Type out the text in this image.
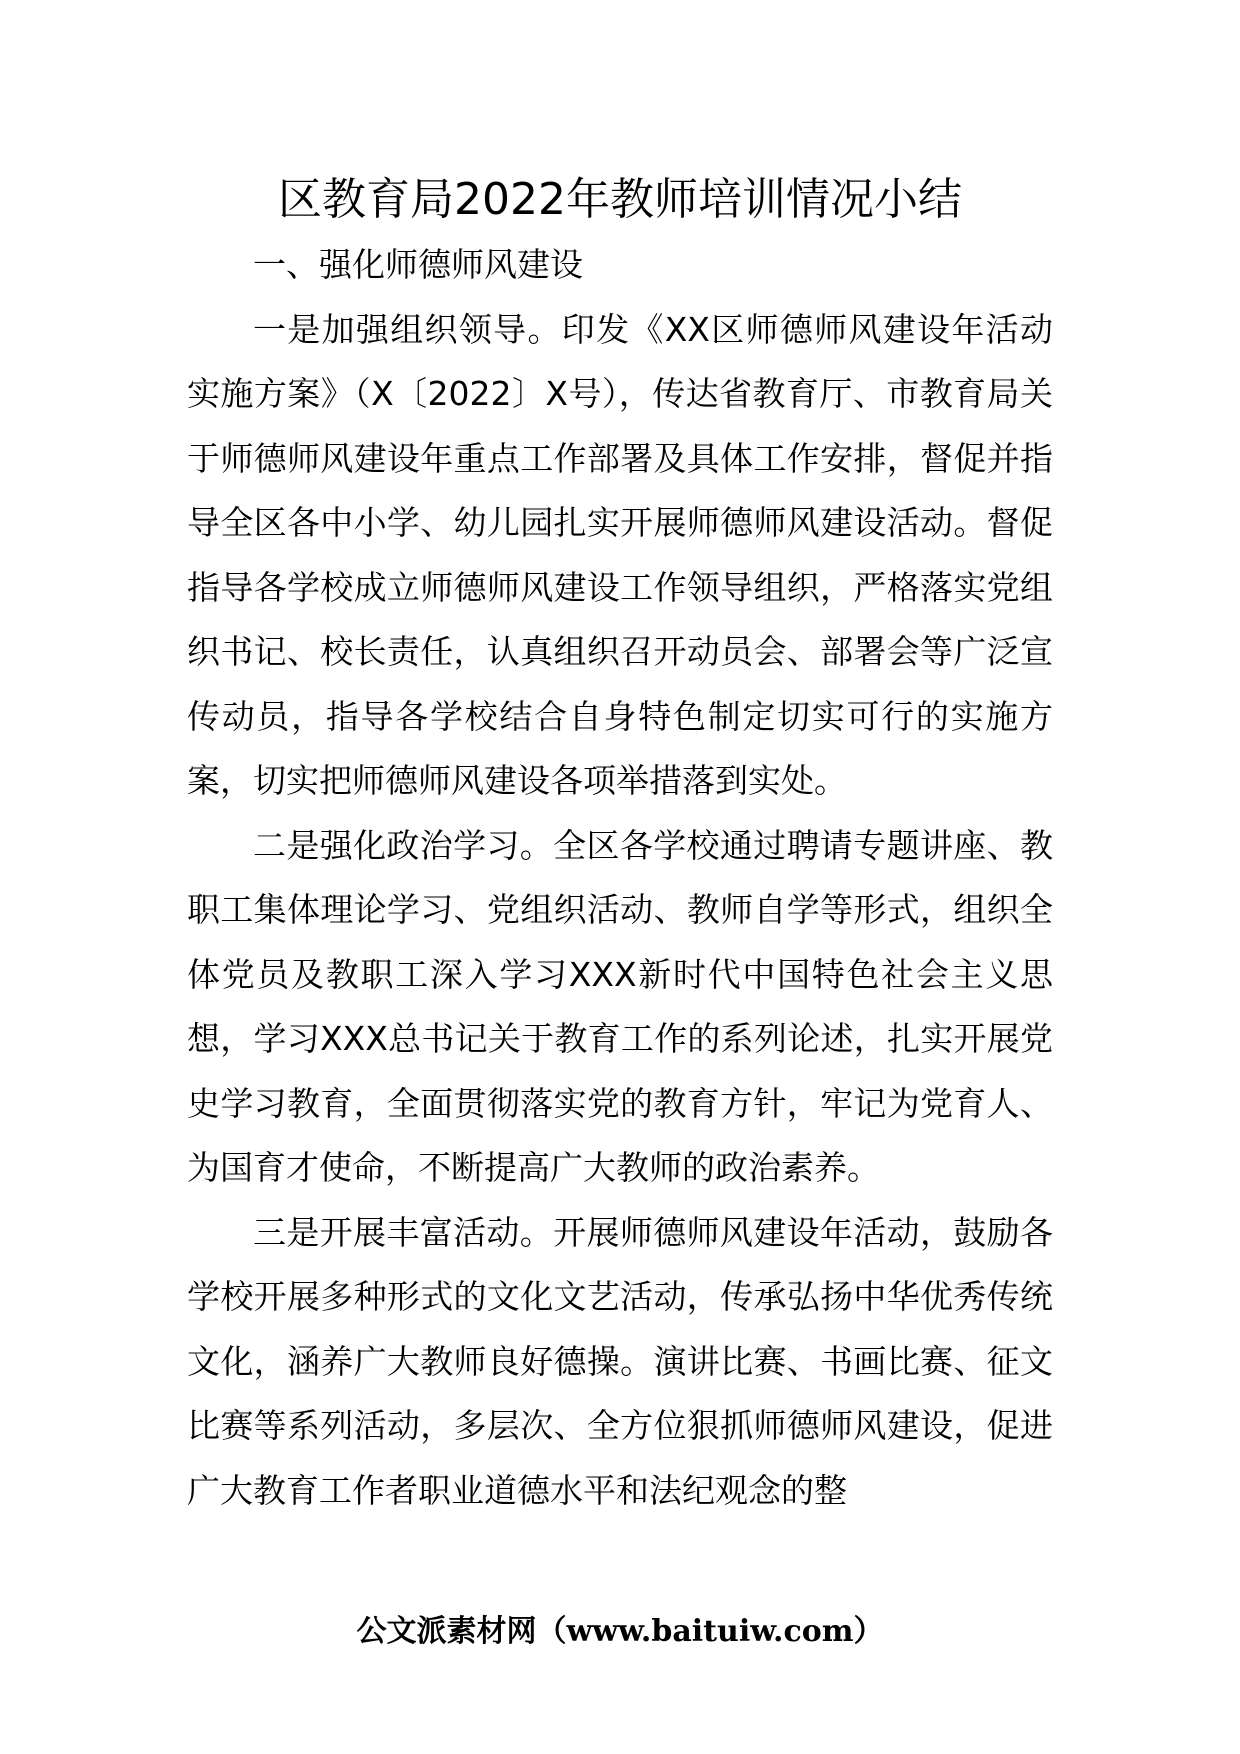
区教育局2022年教师培训情况小结

一、强化师德师风建设

一是加强组织领导。印发《XX区师德师风建设年活动实施方案》（X〔2022〕X号），传达省教育厅、市教育局关于师德师风建设年重点工作部署及具体工作安排，督促并指导全区各中小学、幼儿园扎实开展师德师风建设活动。督促指导各学校成立师德师风建设工作领导组织，严格落实党组织书记、校长责任，认真组织召开动员会、部署会等广泛宣传动员，指导各学校结合自身特色制定切实可行的实施方案，切实把师德师风建设各项举措落到实处。

二是强化政治学习。全区各学校通过聘请专题讲座、教职工集体理论学习、党组织活动、教师自学等形式，组织全体党员及教职工深入学习XXX新时代中国特色社会主义思想，学习XXX总书记关于教育工作的系列论述，扎实开展党史学习教育，全面贯彻落实党的教育方针，牢记为党育人、为国育才使命，不断提高广大教师的政治素养。

三是开展丰富活动。开展师德师风建设年活动，鼓励各学校开展多种形式的文化文艺活动，传承弘扬中华优秀传统文化，涵养广大教师良好德操。演讲比赛、书画比赛、征文比赛等系列活动，多层次、全方位狠抓师德师风建设，促进广大教育工作者职业道德水平和法纪观念的整

公文派素材网（www.baituiw.com）
